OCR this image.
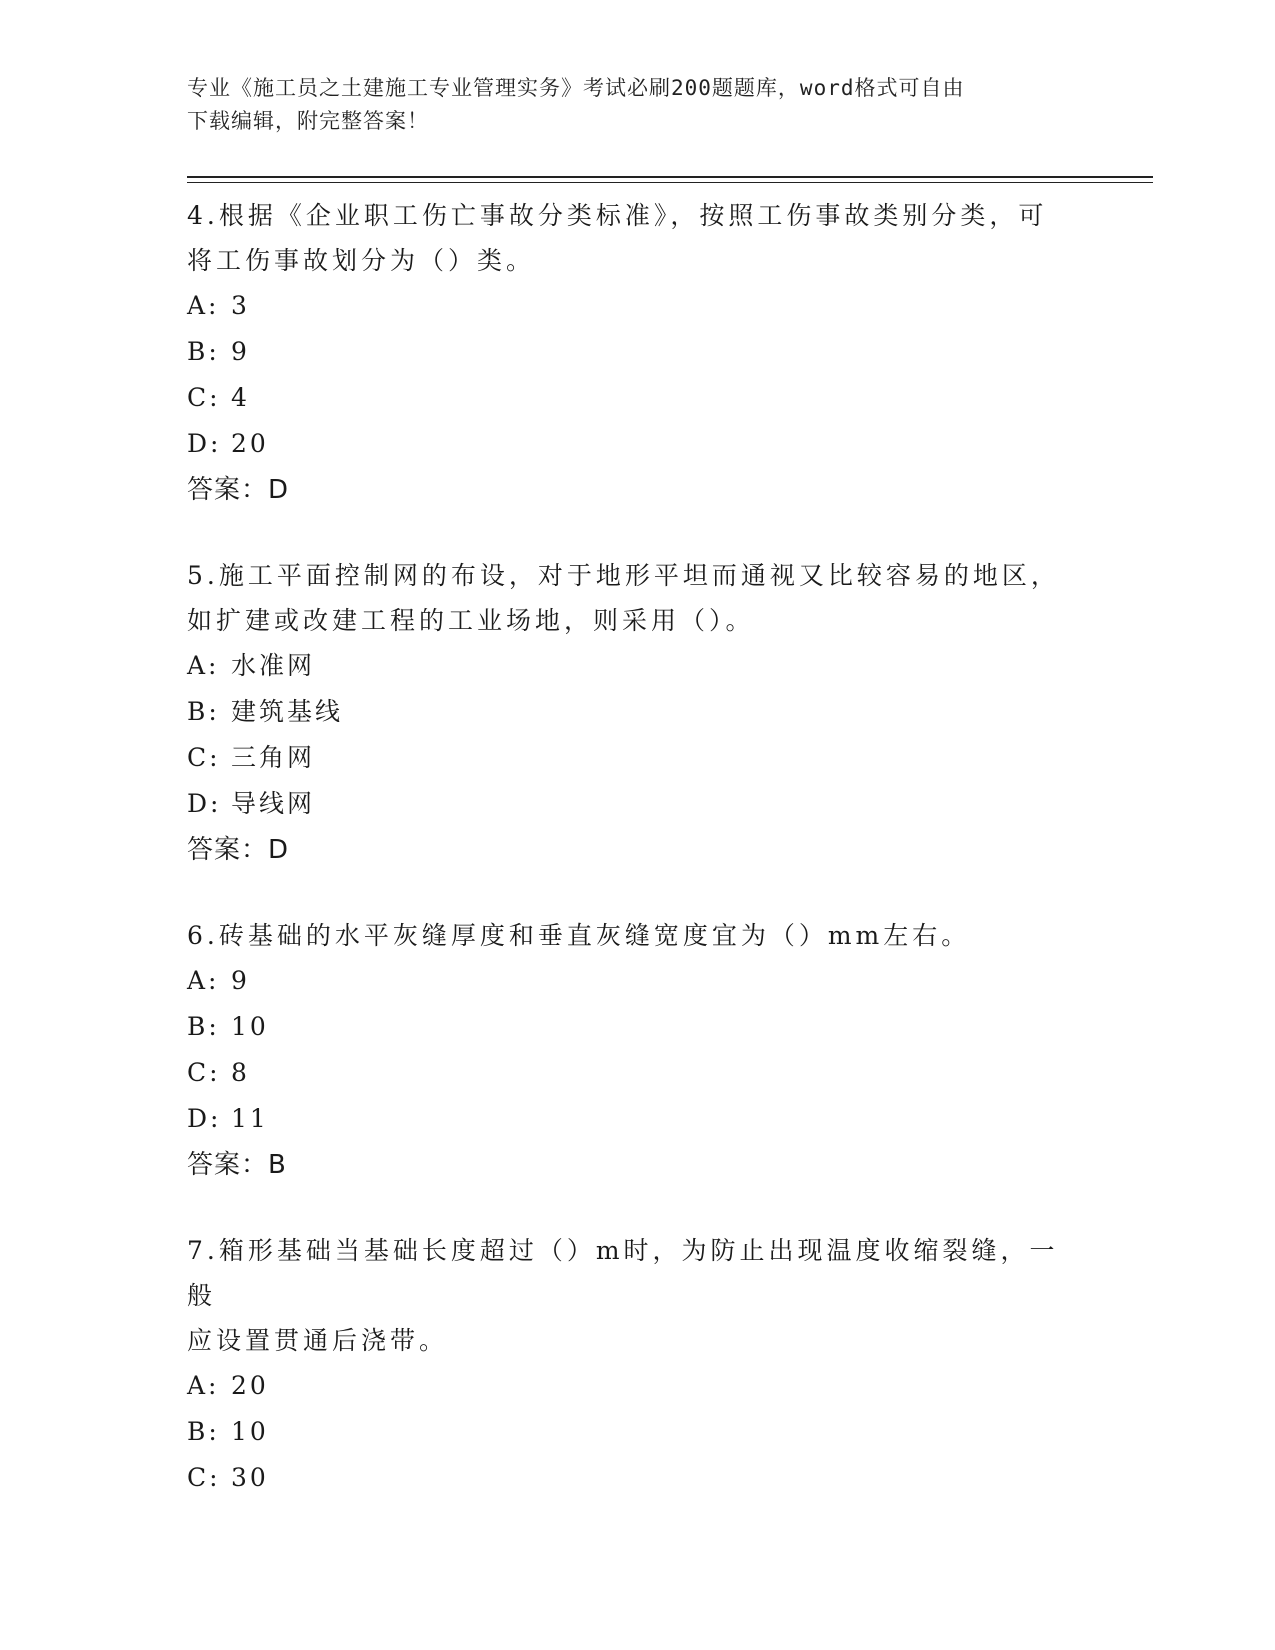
专业《施工员之土建施工专业管理实务》考试必刷200题题库，word格式可自由
下载编辑，附完整答案！

4.根据《企业职工伤亡事故分类标准》，按照工伤事故类别分类，可

将工伤事故划分为（）类。

A: 3

B: 9

C: 4

D: 20

答案：D

5.施工平面控制网的布设，对于地形平坦而通视又比较容易的地区，

如扩建或改建工程的工业场地，则采用（）。

A: 水准网

B: 建筑基线

C: 三角网

D: 导线网

答案：D

6.砖基础的水平灰缝厚度和垂直灰缝宽度宜为（）mm左右。

A: 9

B: 10

C: 8

D: 11

答案：B

7.箱形基础当基础长度超过（）m时，为防止出现温度收缩裂缝，一般

应设置贯通后浇带。

A: 20

B: 10

C: 30
